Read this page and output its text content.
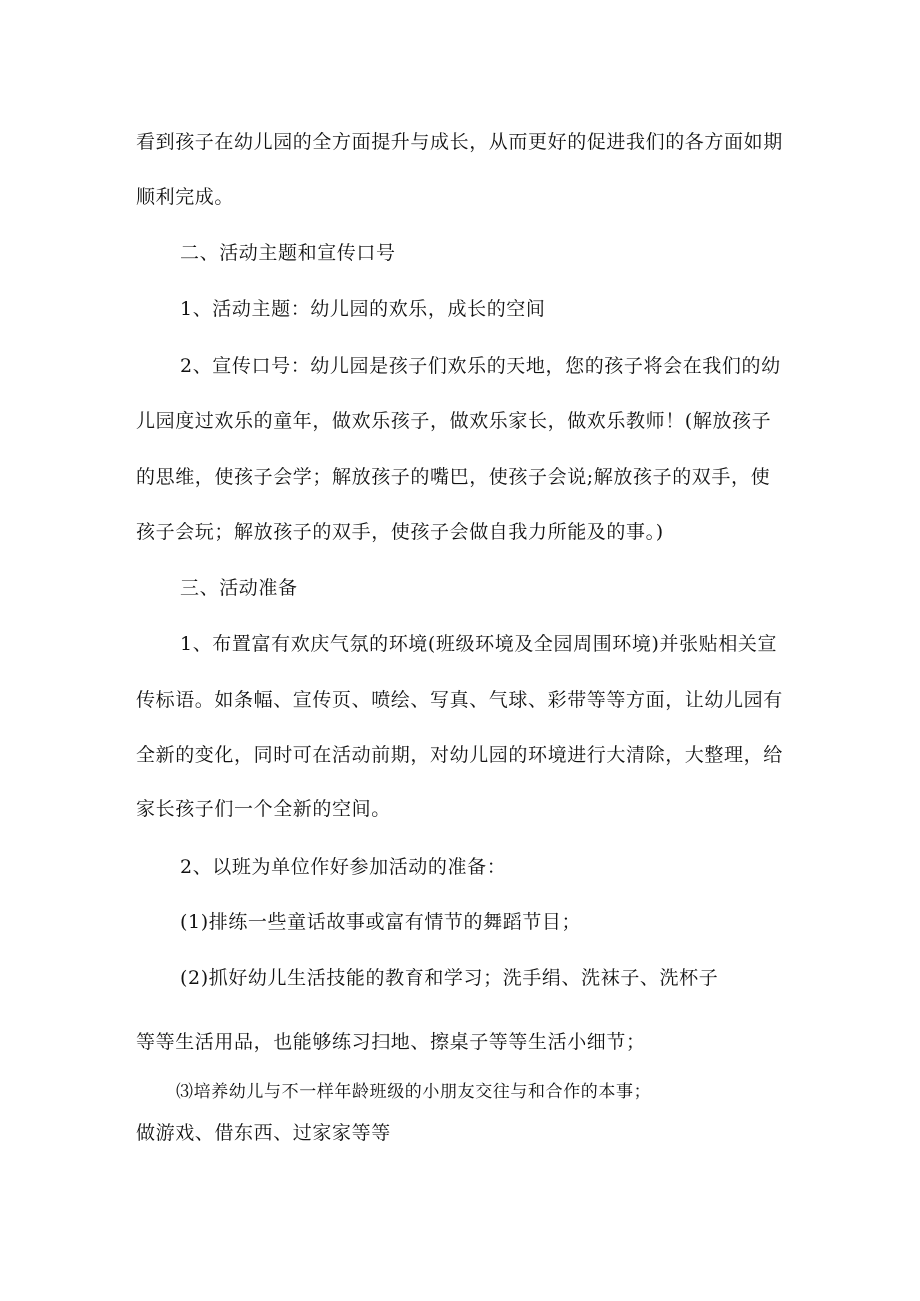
看到孩子在幼儿园的全方面提升与成长，从而更好的促进我们的各方面如期
顺利完成。
二、活动主题和宣传口号
1、活动主题：幼儿园的欢乐，成长的空间
2、宣传口号：幼儿园是孩子们欢乐的天地，您的孩子将会在我们的幼
儿园度过欢乐的童年，做欢乐孩子，做欢乐家长，做欢乐教师！(解放孩子
的思维，使孩子会学；解放孩子的嘴巴，使孩子会说;解放孩子的双手，使
孩子会玩；解放孩子的双手，使孩子会做自我力所能及的事。)
三、活动准备
1、布置富有欢庆气氛的环境(班级环境及全园周围环境)并张贴相关宣
传标语。如条幅、宣传页、喷绘、写真、气球、彩带等等方面，让幼儿园有
全新的变化，同时可在活动前期，对幼儿园的环境进行大清除，大整理，给
家长孩子们一个全新的空间。
2、以班为单位作好参加活动的准备：
(1)排练一些童话故事或富有情节的舞蹈节目；
(2)抓好幼儿生活技能的教育和学习；洗手绢、洗袜子、洗杯子
等等生活用品，也能够练习扫地、擦桌子等等生活小细节；
⑶培养幼儿与不一样年龄班级的小朋友交往与和合作的本事；
做游戏、借东西、过家家等等
